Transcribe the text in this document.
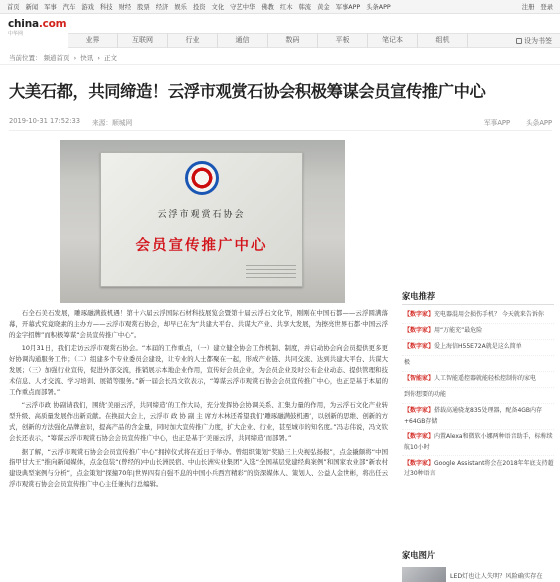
首页 新闻 军事 汽车 游戏 科技 财经 股票 经济 娱乐 投资 文化 守艺中华 佛教 红木 韩流 黄金 军事APP 头条APP	注册 登录
china.com
中华网
业界	互联网	行业	通信	数码	平板	笔记本	组机	设为书签
当前位置： 频道首页 › 快讯 › 正文
大美石都，共同缔造！云浮市观赏石协会积极筹谋会员宣传推广中心
2019-10-31 17:52:33 来源：顺城网	军事APP 头条APP
云浮市观赏石协会
会员宣传推广中心

石全石美石发展，雕琢融满鼓机遇！第十六届云浮国际石材科技展览会暨第十届云浮石文化节，刚刚在中国石都——云浮圆满落幕，开幕式究竟晓素的主办方——云浮市观赏石协会，却早已在为“共建大平台、共谋大产业、共享大发展，为擦亮世界石都·中国云浮的金字招牌”而积极筹谋“会员宣传推广中心”。

10月31日，我们走访云浮市观赏石协会。“本届的工作重点，（一）建立健全协会工作机制、制度，并启动协会向会员提供更多更好协调沟通服务工作；（二）组建多个专业委员会建设，让专业的人士都聚在一起，形成产业链、共同交流、达到共建大平台、共谋大发展；（三）加强行业宣传，促进外部交流，推销展示本地企业作用，宣传好会员企业，为会员企业及时公布企业动态、提供管理和技术信息、人才交流、学习培训、展销等服务。”新一届会长冯文钦表示，“筹谋云浮市观赏石协会会员宣传推广中心，也正是基于本届的工作重点而部署。”

“云浮市政 协副请我们，围绕‘美丽云浮，共同缔造’的工作大局，充分发挥协会协调关系、汇集力量的作用，为云浮石文化产业转型升级、高质量发展作出新贡献。在换届大会上，云浮市 政 协 副 主 席方木林还希望我们‘雕琢融满鼓机遇’，以创新的思维、创新的方式，创新的方法强化品牌意识，提高产品的含金量，同时加大宣传推广力度，扩大企业、行业，甚至城市的知名度。”冯志伟说，冯文钦会长还表示，“筹谋云浮市观赏石协会会员宣传推广中心，也正是基于‘美丽云浮，共同缔造’而部署。”

据了解，“云浮市观赏石协会会员宣传推广中心”拥掉仪式将在近日于举办。曾组织策划“奖励三上央视弘扬报”，点金撬颇将“中国指甲甘大王”推向新闻媒体，点金包装“(曾经的)中山长洲民宿、中山长洲实业集团”入选“全国基层党建经典案例”和国家农业部“新农村建设典型案例与分析”，点金策划“探撞70年|世界四有自强不息的中国小兵西宫精彩”的资深媒体人、策划人、公益人金世彬，将出任云浮市观赏石协会会员宣传推广中心主任兼执行总编辑。

家电推荐
【数字家】充电器混用会损伤手机？ 今天就来告诉你
【数字家】用“万能充”最危险
【数字家】爱上海信H55E72A就是这么简单
极
【智能家】人工智能遥控器就能轻松控制你的家电
到你想要的功能
【数字家】搭载高通骁龙835处理器，配备4GB内存+64GB存储
【数字家】内置Alexa和微软小娜两种语音助手，标称续航10小时
【数字家】Google Assistant将会在2018年年底支持超过30种语言
家电图片
LED灯也让人失明？风险确实存在
